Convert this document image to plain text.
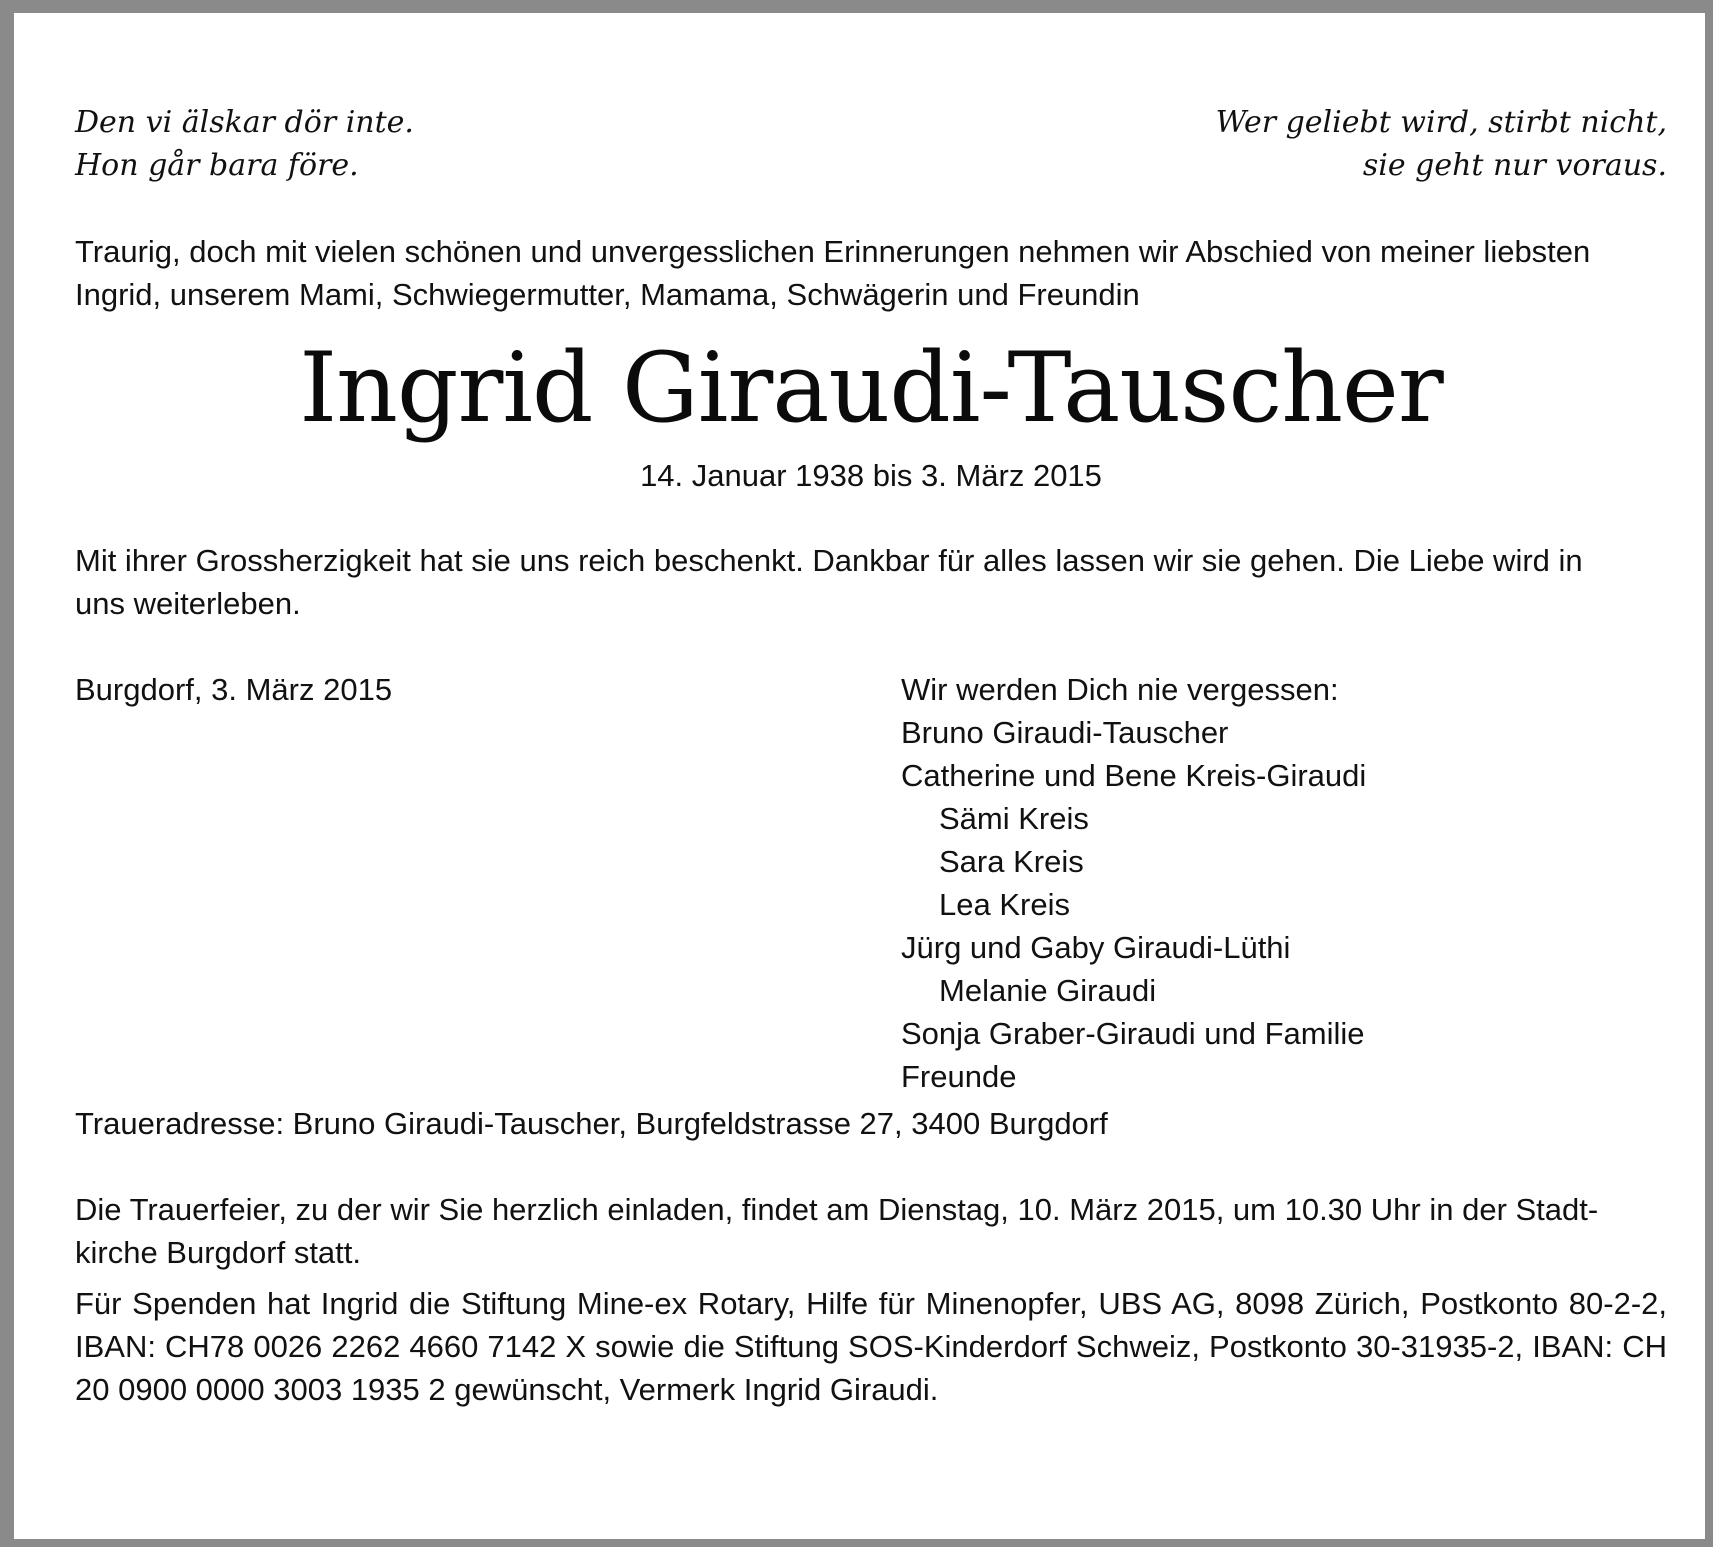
Den vi älskar dör inte.

Hon går bara före.

Wer geliebt wird, stirbt nicht,

sie geht nur voraus.

Traurig, doch mit vielen schönen und unvergesslichen Erinnerungen nehmen wir Abschied von meiner liebsten

Ingrid, unserem Mami, Schwiegermutter, Mamama, Schwägerin und Freundin

Ingrid Giraudi-Tauscher

14. Januar 1938 bis 3. März 2015

Mit ihrer Grossherzigkeit hat sie uns reich beschenkt. Dankbar für alles lassen wir sie gehen. Die Liebe wird in

uns weiterleben.

Burgdorf, 3. März 2015	Wir werden Dich nie vergessen:
Bruno Giraudi-Tauscher
Catherine und Bene Kreis-Giraudi
Sämi Kreis
Sara Kreis
Lea Kreis
Jürg und Gaby Giraudi-Lüthi
Melanie Giraudi
Sonja Graber-Giraudi und Familie
Freunde

Traueradresse: Bruno Giraudi-Tauscher, Burgfeldstrasse 27, 3400 Burgdorf

Die Trauerfeier, zu der wir Sie herzlich einladen, findet am Dienstag, 10. März 2015, um 10.30 Uhr in der Stadt-

kirche Burgdorf statt.

Für Spenden hat Ingrid die Stiftung Mine-ex Rotary, Hilfe für Minenopfer, UBS AG, 8098 Zürich, Postkonto 80-2-2, IBAN: CH78 0026 2262 4660 7142 X sowie die Stiftung SOS-Kinderdorf Schweiz, Postkonto 30-31935-2, IBAN: CH 20 0900 0000 3003 1935 2 gewünscht, Vermerk Ingrid Giraudi.
